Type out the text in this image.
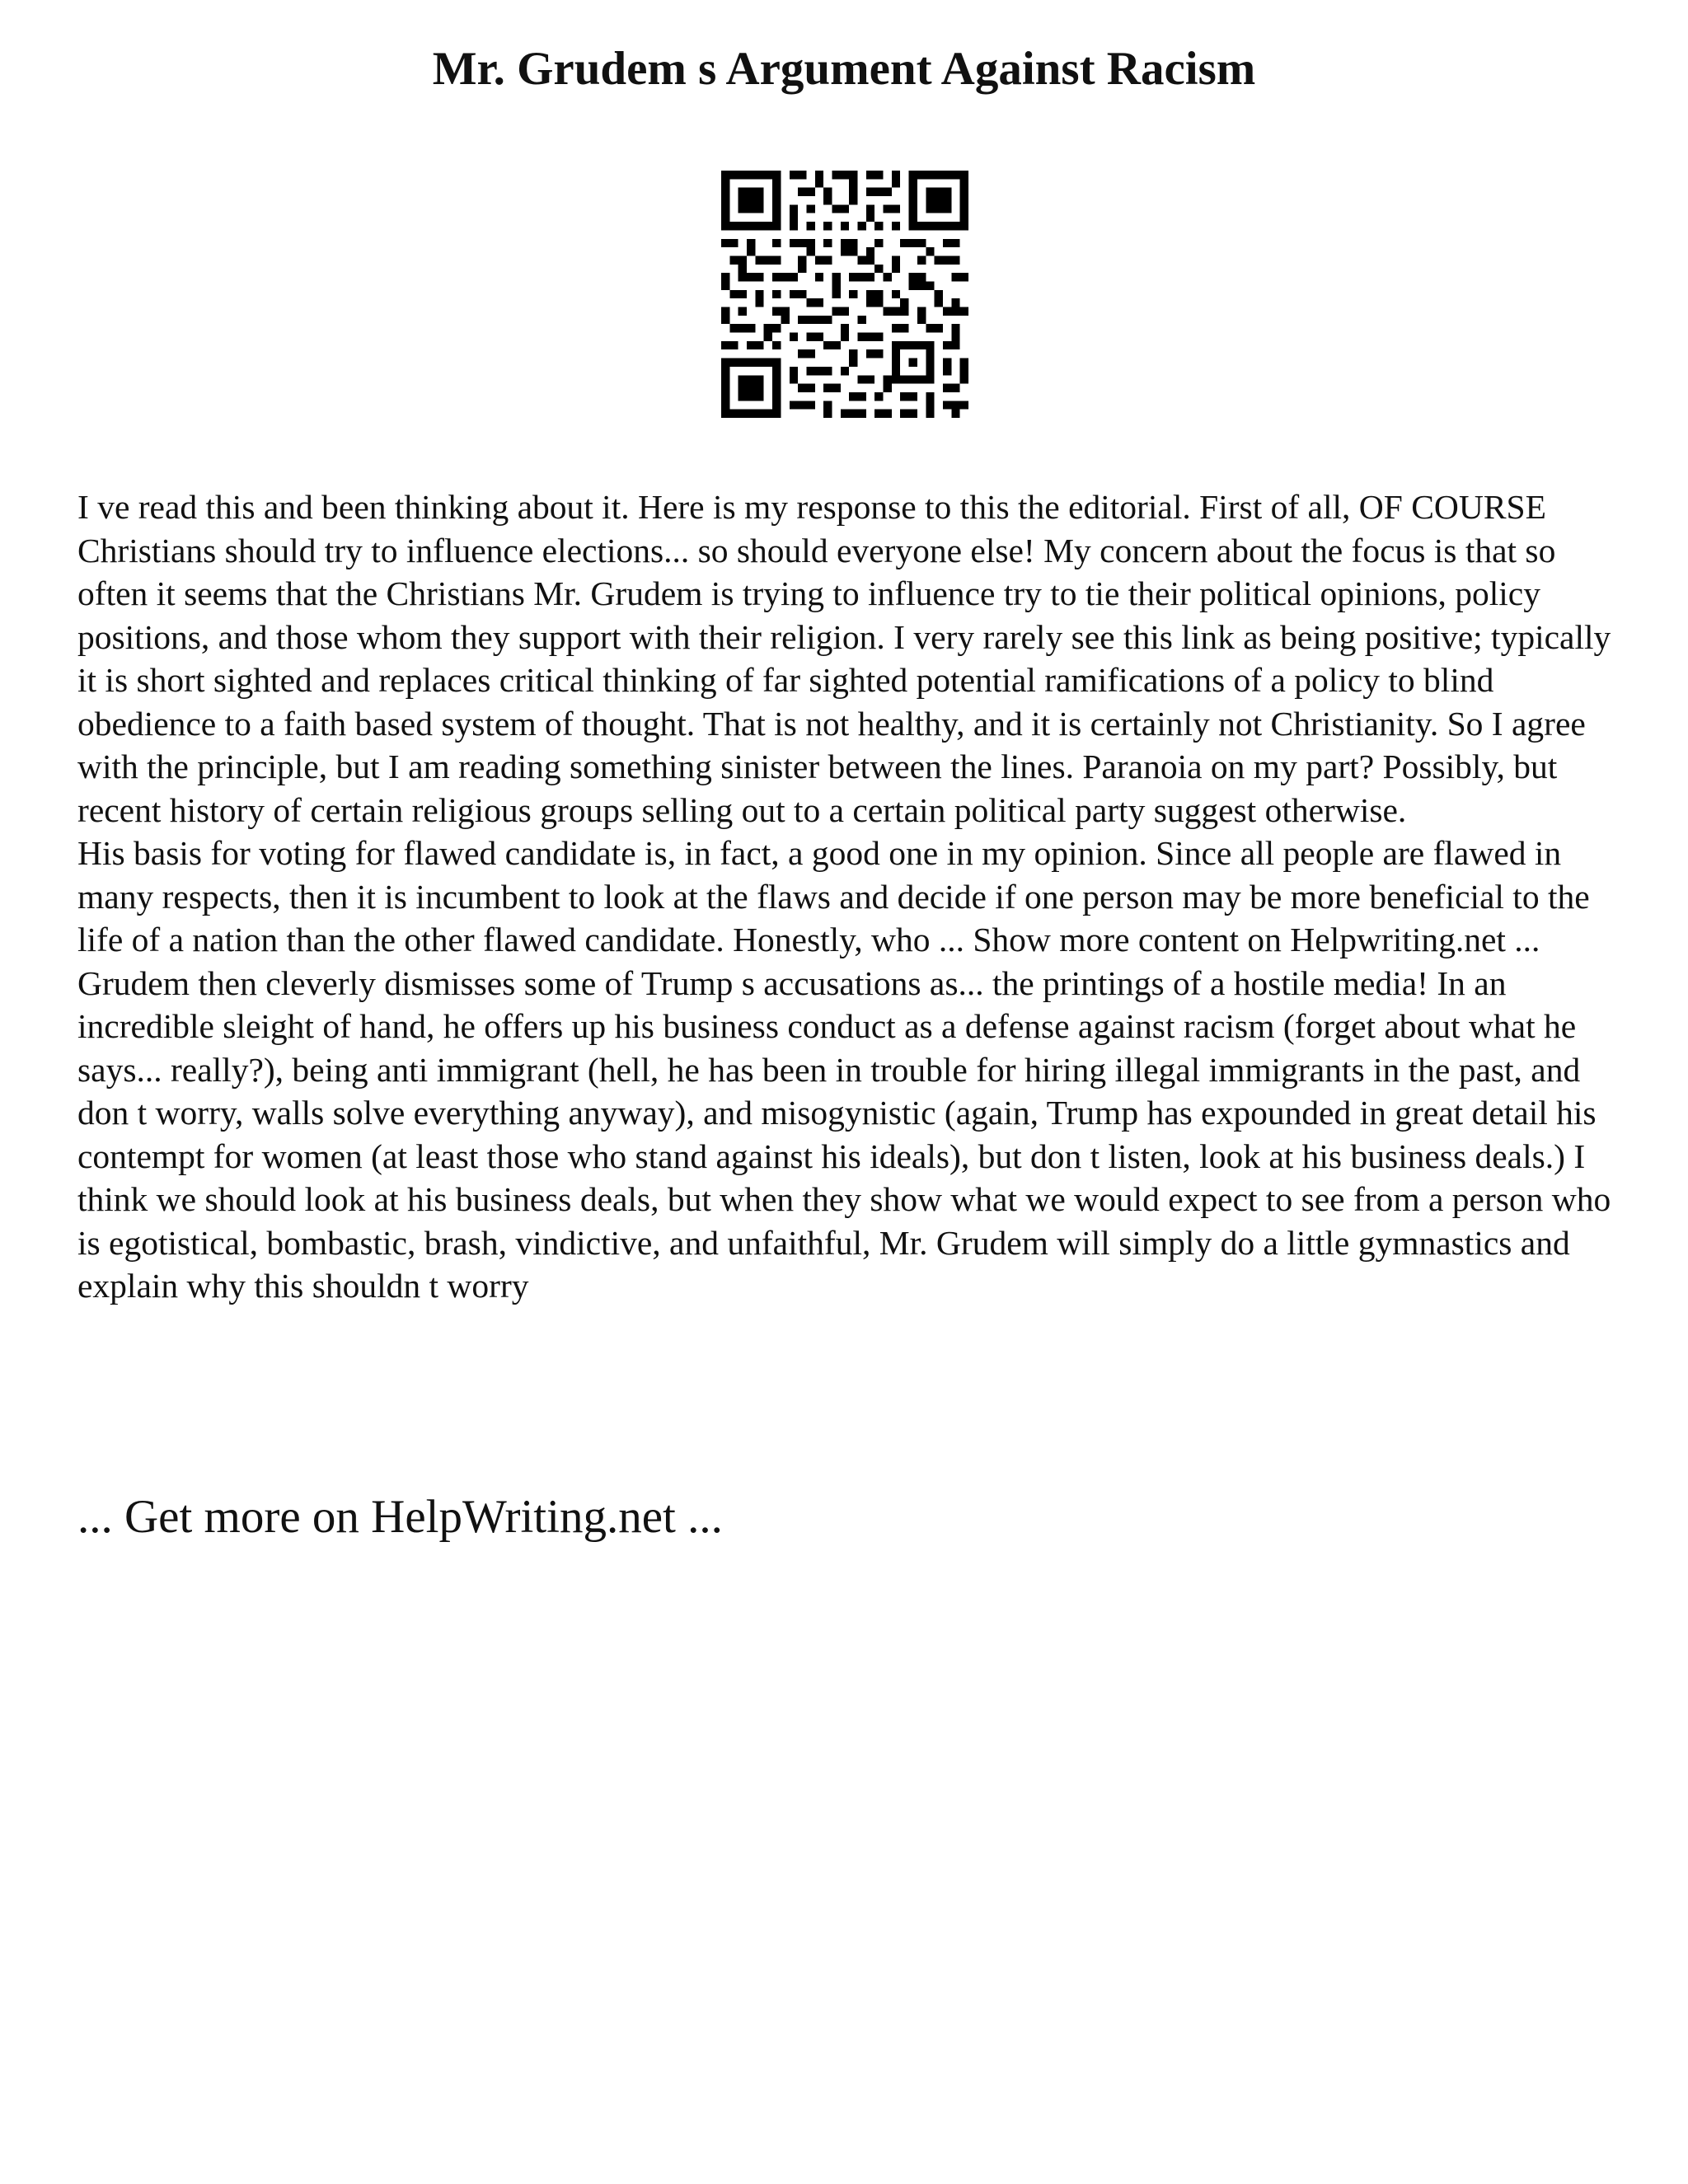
Mr. Grudem s Argument Against Racism

I ve read this and been thinking about it. Here is my response to this the editorial. First of all, OF COURSE Christians should try to influence elections... so should everyone else! My concern about the focus is that so often it seems that the Christians Mr. Grudem is trying to influence try to tie their political opinions, policy positions, and those whom they support with their religion. I very rarely see this link as being positive; typically it is short sighted and replaces critical thinking of far sighted potential ramifications of a policy to blind obedience to a faith based system of thought. That is not healthy, and it is certainly not Christianity. So I agree with the principle, but I am reading something sinister between the lines. Paranoia on my part? Possibly, but recent history of certain religious groups selling out to a certain political party suggest otherwise.

His basis for voting for flawed candidate is, in fact, a good one in my opinion. Since all people are flawed in many respects, then it is incumbent to look at the flaws and decide if one person may be more beneficial to the life of a nation than the other flawed candidate. Honestly, who ... Show more content on Helpwriting.net ...

Grudem then cleverly dismisses some of Trump s accusations as... the printings of a hostile media! In an incredible sleight of hand, he offers up his business conduct as a defense against racism (forget about what he says... really?), being anti immigrant (hell, he has been in trouble for hiring illegal immigrants in the past, and don t worry, walls solve everything anyway), and misogynistic (again, Trump has expounded in great detail his contempt for women (at least those who stand against his ideals), but don t listen, look at his business deals.) I think we should look at his business deals, but when they show what we would expect to see from a person who is egotistical, bombastic, brash, vindictive, and unfaithful, Mr. Grudem will simply do a little gymnastics and explain why this shouldn t worry

... Get more on HelpWriting.net ...
